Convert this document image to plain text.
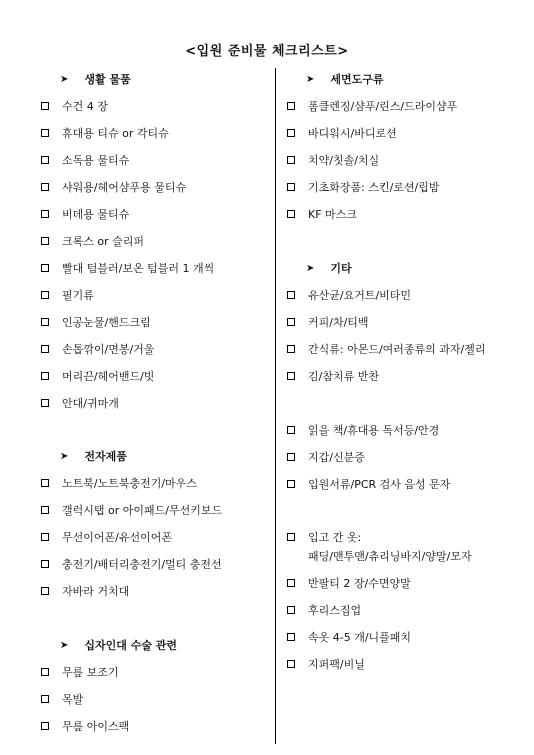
<입원 준비물 체크리스트>
➤ 생활 물품
수건 4 장
휴대용 티슈 or 각티슈
소독용 물티슈
샤워용/헤어샴푸용 물티슈
비데용 물티슈
크록스 or 슬리퍼
빨대 텀블러/보온 텀블러 1 개씩
필기류
인공눈물/핸드크림
손톱깎이/면봉/거울
머리끈/헤어밴드/빗
안대/귀마개
➤ 전자제품
노트북/노트북충전기/마우스
갤럭시탭 or 아이패드/무선키보드
무선이어폰/유선이어폰
충전기/배터리충전기/멀티 충전선
자바라 거치대
➤ 십자인대 수술 관련
무릎 보조기
목발
무릎 아이스팩
➤ 세면도구류
폼클렌징/샴푸/린스/드라이샴푸
바디워시/바디로션
치약/칫솔/치실
기초화장품: 스킨/로션/립밤
KF 마스크
➤ 기타
유산균/요거트/비타민
커피/차/티백
간식류: 아몬드/여러종류의 과자/젤리
김/참치류 반찬
읽을 책/휴대용 독서등/안경
지갑/신분증
입원서류/PCR 검사 음성 문자
입고 간 옷:
패딩/맨투맨/츄리닝바지/양말/모자
반팔티 2 장/수면양말
후리스집업
속옷 4-5 개/니플패치
지퍼팩/비닐
